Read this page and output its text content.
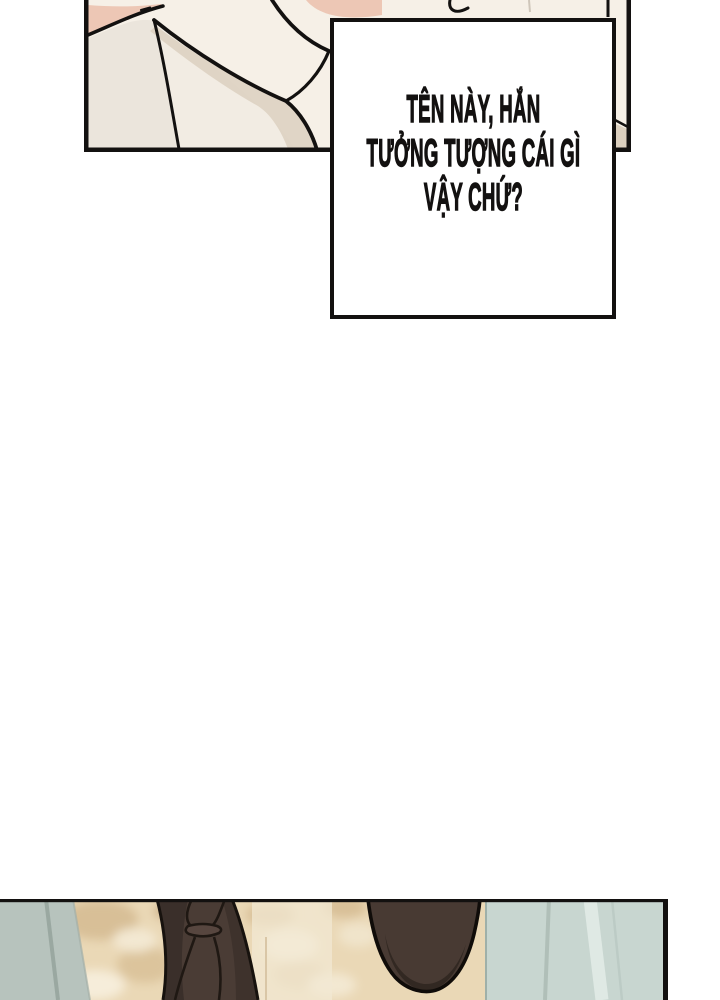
TÊN NÀY, HẮN
TƯỞNG TƯỢNG CÁI GÌ
VẬY CHỨ?
